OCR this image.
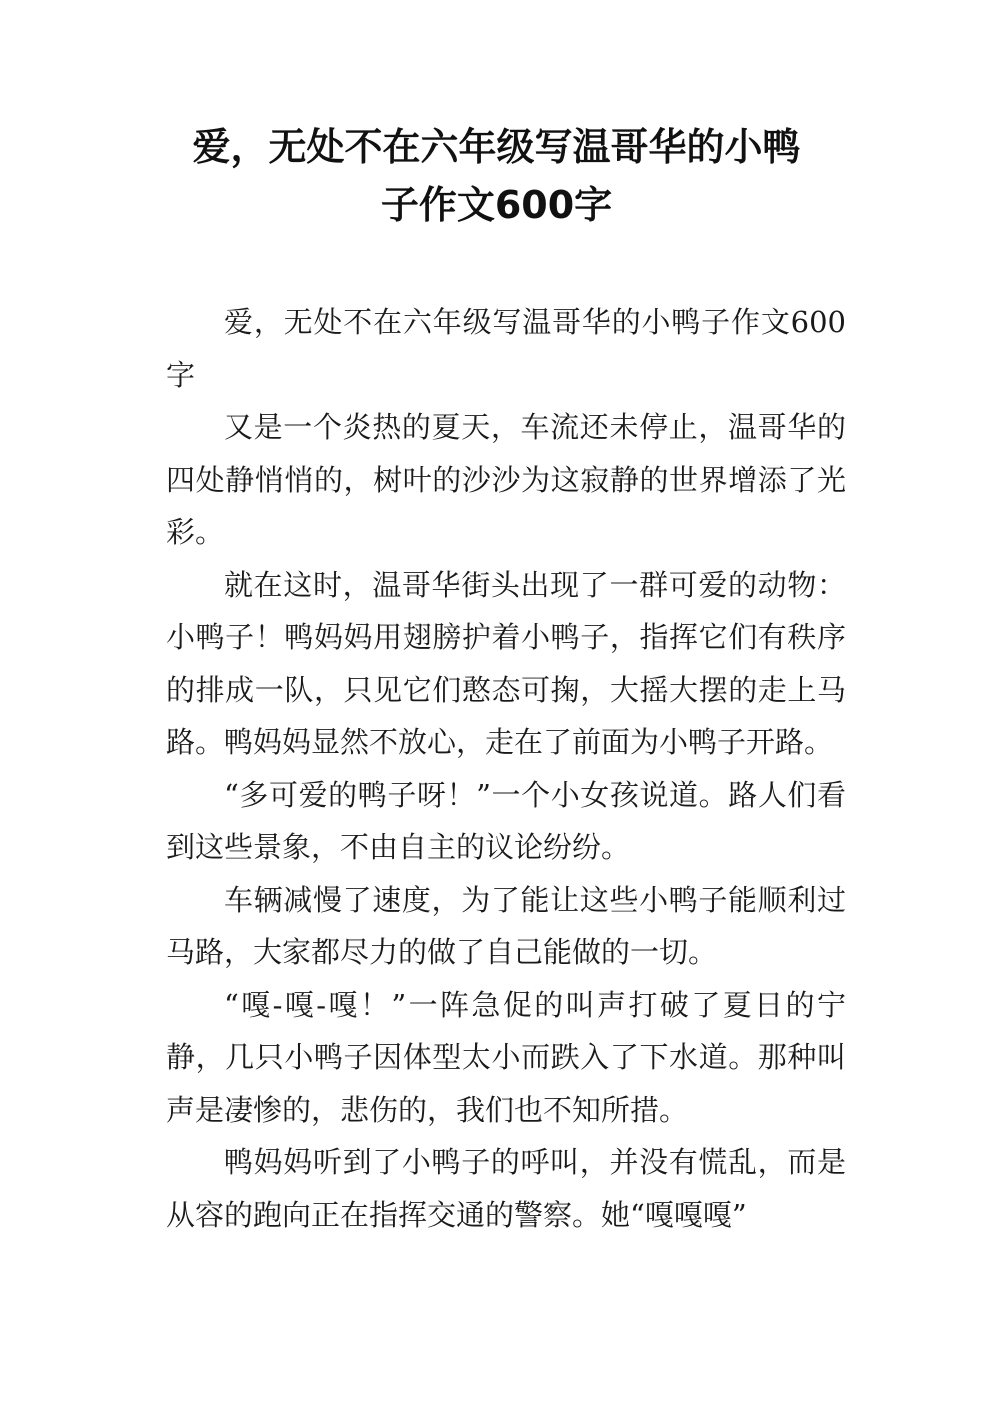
爱，无处不在六年级写温哥华的小鸭
子作文600字

爱，无处不在六年级写温哥华的小鸭子作文600字

又是一个炎热的夏天，车流还未停止，温哥华的四处静悄悄的，树叶的沙沙为这寂静的世界增添了光彩。

就在这时，温哥华街头出现了一群可爱的动物：小鸭子！鸭妈妈用翅膀护着小鸭子，指挥它们有秩序的排成一队，只见它们憨态可掬，大摇大摆的走上马路。鸭妈妈显然不放心，走在了前面为小鸭子开路。

“多可爱的鸭子呀！”一个小女孩说道。路人们看到这些景象，不由自主的议论纷纷。

车辆减慢了速度，为了能让这些小鸭子能顺利过马路，大家都尽力的做了自己能做的一切。

“嘎-嘎-嘎！”一阵急促的叫声打破了夏日的宁静，几只小鸭子因体型太小而跌入了下水道。那种叫声是凄惨的，悲伤的，我们也不知所措。

鸭妈妈听到了小鸭子的呼叫，并没有慌乱，而是从容的跑向正在指挥交通的警察。她“嘎嘎嘎”
